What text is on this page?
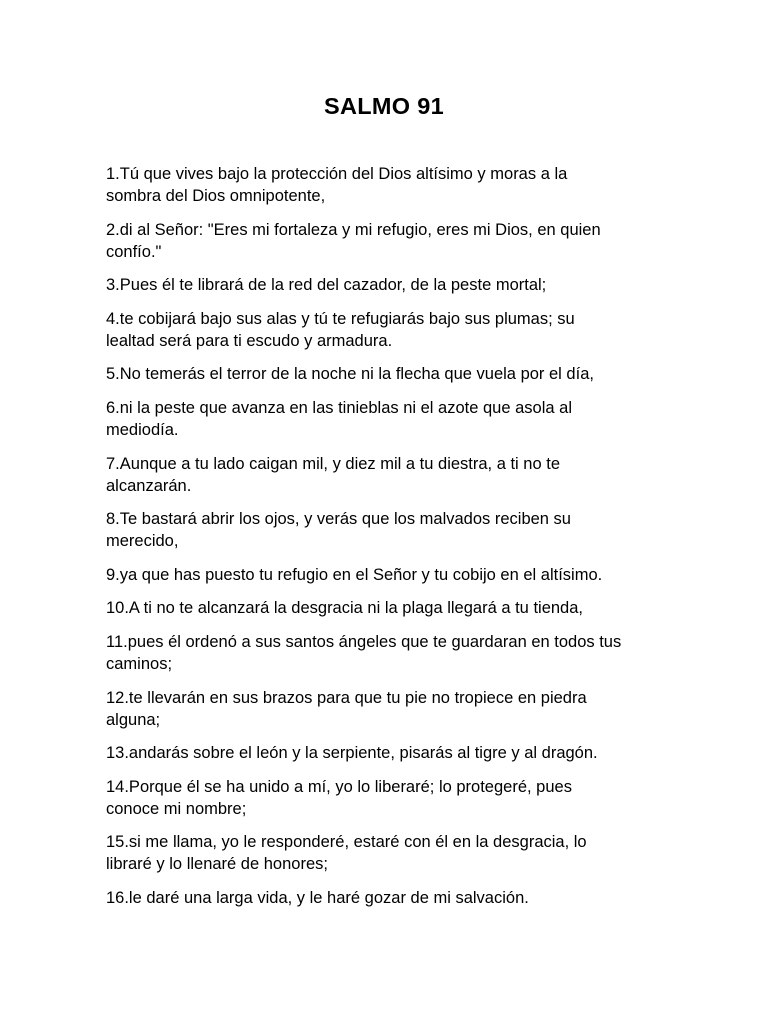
SALMO 91

1.Tú que vives bajo la protección del Dios altísimo y moras a la
sombra del Dios omnipotente,

2.di al Señor: "Eres mi fortaleza y mi refugio, eres mi Dios, en quien
confío."

3.Pues él te librará de la red del cazador, de la peste mortal;

4.te cobijará bajo sus alas y tú te refugiarás bajo sus plumas; su
lealtad será para ti escudo y armadura.

5.No temerás el terror de la noche ni la flecha que vuela por el día,

6.ni la peste que avanza en las tinieblas ni el azote que asola al
mediodía.

7.Aunque a tu lado caigan mil, y diez mil a tu diestra, a ti no te
alcanzarán.

8.Te bastará abrir los ojos, y verás que los malvados reciben su
merecido,

9.ya que has puesto tu refugio en el Señor y tu cobijo en el altísimo.

10.A ti no te alcanzará la desgracia ni la plaga llegará a tu tienda,

11.pues él ordenó a sus santos ángeles que te guardaran en todos tus
caminos;

12.te llevarán en sus brazos para que tu pie no tropiece en piedra
alguna;

13.andarás sobre el león y la serpiente, pisarás al tigre y al dragón.

14.Porque él se ha unido a mí, yo lo liberaré; lo protegeré, pues
conoce mi nombre;

15.si me llama, yo le responderé, estaré con él en la desgracia, lo
libraré y lo llenaré de honores;

16.le daré una larga vida, y le haré gozar de mi salvación.
